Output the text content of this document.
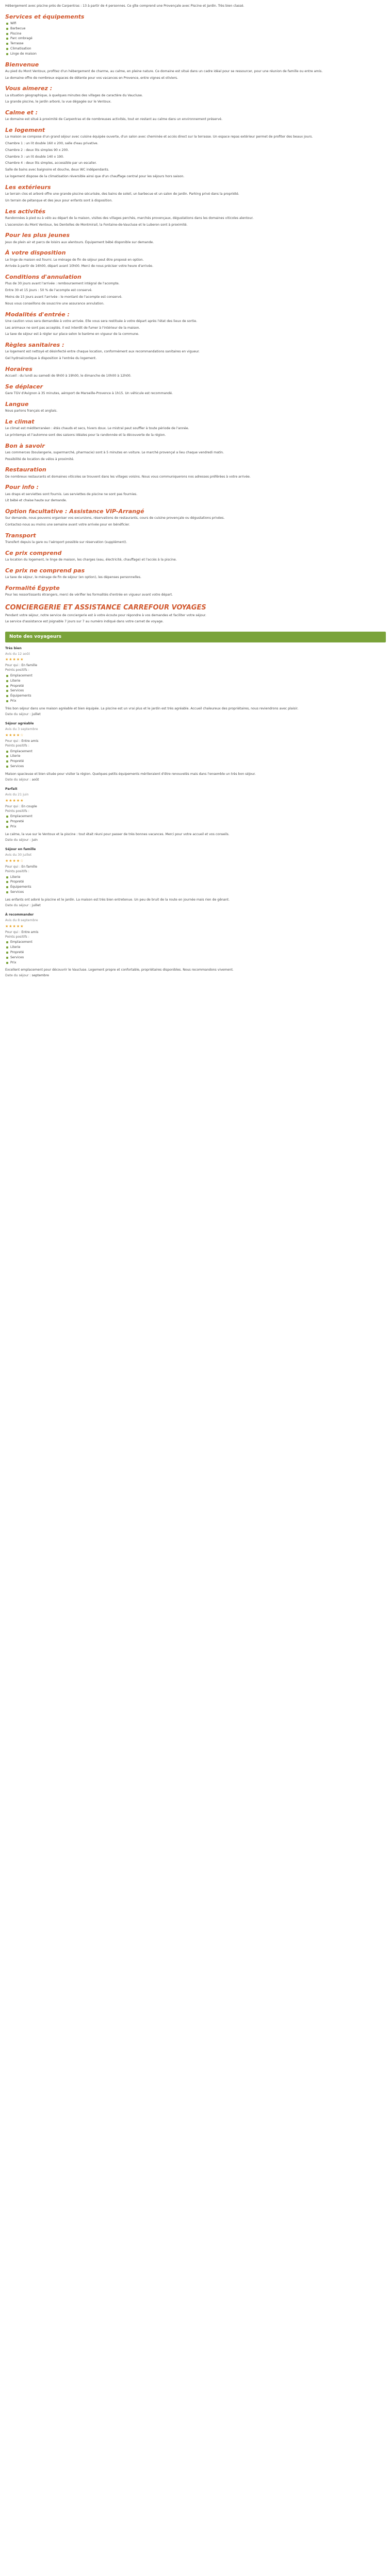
Hébergement avec piscine près de Carpentras : 13 à partir de 4 personnes. Ce gîte comprend une Provençale avec Piscine et Jardin. Très bien classé.

Services et équipements
Wifi
Barbecue
Piscine
Parc ombragé
Terrasse
Climatisation
Linge de maison
Bienvenue

Au pied du Mont Ventoux, profitez d'un hébergement de charme, au calme, en pleine nature. Ce domaine est situé dans un cadre idéal pour se ressourcer, pour une réunion de famille ou entre amis.

Le domaine offre de nombreux espaces de détente pour vos vacances en Provence, entre vignes et oliviers.

Vous aimerez :

La situation géographique, à quelques minutes des villages de caractère du Vaucluse.

La grande piscine, le jardin arboré, la vue dégagée sur le Ventoux.

Calme et :

Le domaine est situé à proximité de Carpentras et de nombreuses activités, tout en restant au calme dans un environnement préservé.

Le logement

La maison se compose d'un grand séjour avec cuisine équipée ouverte, d'un salon avec cheminée et accès direct sur la terrasse. Un espace repas extérieur permet de profiter des beaux jours.

Chambre 1 : un lit double 160 x 200, salle d'eau privative.

Chambre 2 : deux lits simples 90 x 200.

Chambre 3 : un lit double 140 x 190.

Chambre 4 : deux lits simples, accessible par un escalier.

Salle de bains avec baignoire et douche, deux WC indépendants.

Le logement dispose de la climatisation réversible ainsi que d'un chauffage central pour les séjours hors saison.

Les extérieurs

Le terrain clos et arboré offre une grande piscine sécurisée, des bains de soleil, un barbecue et un salon de jardin. Parking privé dans la propriété.

Un terrain de pétanque et des jeux pour enfants sont à disposition.

Les activités

Randonnées à pied ou à vélo au départ de la maison, visites des villages perchés, marchés provençaux, dégustations dans les domaines viticoles alentour.

L'ascension du Mont Ventoux, les Dentelles de Montmirail, la Fontaine-de-Vaucluse et le Luberon sont à proximité.

Pour les plus jeunes

Jeux de plein air et parcs de loisirs aux alentours. Équipement bébé disponible sur demande.

À votre disposition

Le linge de maison est fourni. Le ménage de fin de séjour peut être proposé en option.

Arrivée à partir de 16h00, départ avant 10h00. Merci de nous préciser votre heure d'arrivée.

Conditions d'annulation

Plus de 30 jours avant l'arrivée : remboursement intégral de l'acompte.

Entre 30 et 15 jours : 50 % de l'acompte est conservé.

Moins de 15 jours avant l'arrivée : le montant de l'acompte est conservé.

Nous vous conseillons de souscrire une assurance annulation.

Modalités d'entrée :

Une caution vous sera demandée à votre arrivée. Elle vous sera restituée à votre départ après l'état des lieux de sortie.

Les animaux ne sont pas acceptés. Il est interdit de fumer à l'intérieur de la maison.

La taxe de séjour est à régler sur place selon le barème en vigueur de la commune.

Règles sanitaires :

Le logement est nettoyé et désinfecté entre chaque location, conformément aux recommandations sanitaires en vigueur.

Gel hydroalcoolique à disposition à l'entrée du logement.

Horaires

Accueil : du lundi au samedi de 9h00 à 19h00, le dimanche de 10h00 à 12h00.

Se déplacer

Gare TGV d'Avignon à 35 minutes, aéroport de Marseille-Provence à 1h15. Un véhicule est recommandé.

Langue

Nous parlons français et anglais.

Le climat

Le climat est méditerranéen : étés chauds et secs, hivers doux. Le mistral peut souffler à toute période de l'année.

Le printemps et l'automne sont des saisons idéales pour la randonnée et la découverte de la région.

Bon à savoir

Les commerces (boulangerie, supermarché, pharmacie) sont à 5 minutes en voiture. Le marché provençal a lieu chaque vendredi matin.

Possibilité de location de vélos à proximité.

Restauration

De nombreux restaurants et domaines viticoles se trouvent dans les villages voisins. Nous vous communiquerons nos adresses préférées à votre arrivée.

Pour info :

Les draps et serviettes sont fournis. Les serviettes de piscine ne sont pas fournies.

Lit bébé et chaise haute sur demande.

Option facultative : Assistance VIP-Arrangé

Sur demande, nous pouvons organiser vos excursions, réservations de restaurants, cours de cuisine provençale ou dégustations privées.

Contactez-nous au moins une semaine avant votre arrivée pour en bénéficier.

Transport

Transfert depuis la gare ou l'aéroport possible sur réservation (supplément).

Ce prix comprend

La location du logement, le linge de maison, les charges (eau, électricité, chauffage) et l'accès à la piscine.

Ce prix ne comprend pas

La taxe de séjour, le ménage de fin de séjour (en option), les dépenses personnelles.

Formalité Égypte

Pour les ressortissants étrangers, merci de vérifier les formalités d'entrée en vigueur avant votre départ.

CONCIERGERIE ET ASSISTANCE CARREFOUR VOYAGES

Pendant votre séjour, notre service de conciergerie est à votre écoute pour répondre à vos demandes et faciliter votre séjour.

Le service d'assistance est joignable 7 jours sur 7 au numéro indiqué dans votre carnet de voyage.

Note des voyageurs
Très bien
Avis du 12 août
★★★★★
Pour qui : En famille
Points positifs :
Emplacement
Literie
Propreté
Services
Équipements
Prix

Très bon séjour dans une maison agréable et bien équipée. La piscine est un vrai plus et le jardin est très agréable. Accueil chaleureux des propriétaires, nous reviendrons avec plaisir.

Date du séjour : juillet
Séjour agréable
Avis du 3 septembre
★★★★☆
Pour qui : Entre amis
Points positifs :
Emplacement
Literie
Propreté
Services

Maison spacieuse et bien située pour visiter la région. Quelques petits équipements mériteraient d'être renouvelés mais dans l'ensemble un très bon séjour.

Date du séjour : août
Parfait
Avis du 21 juin
★★★★★
Pour qui : En couple
Points positifs :
Emplacement
Propreté
Prix

Le calme, la vue sur le Ventoux et la piscine : tout était réuni pour passer de très bonnes vacances. Merci pour votre accueil et vos conseils.

Date du séjour : juin
Séjour en famille
Avis du 30 juillet
★★★★☆
Pour qui : En famille
Points positifs :
Literie
Propreté
Équipements
Services

Les enfants ont adoré la piscine et le jardin. La maison est très bien entretenue. Un peu de bruit de la route en journée mais rien de gênant.

Date du séjour : juillet
À recommander
Avis du 8 septembre
★★★★★
Pour qui : Entre amis
Points positifs :
Emplacement
Literie
Propreté
Services
Prix

Excellent emplacement pour découvrir le Vaucluse. Logement propre et confortable, propriétaires disponibles. Nous recommandons vivement.

Date du séjour : septembre
